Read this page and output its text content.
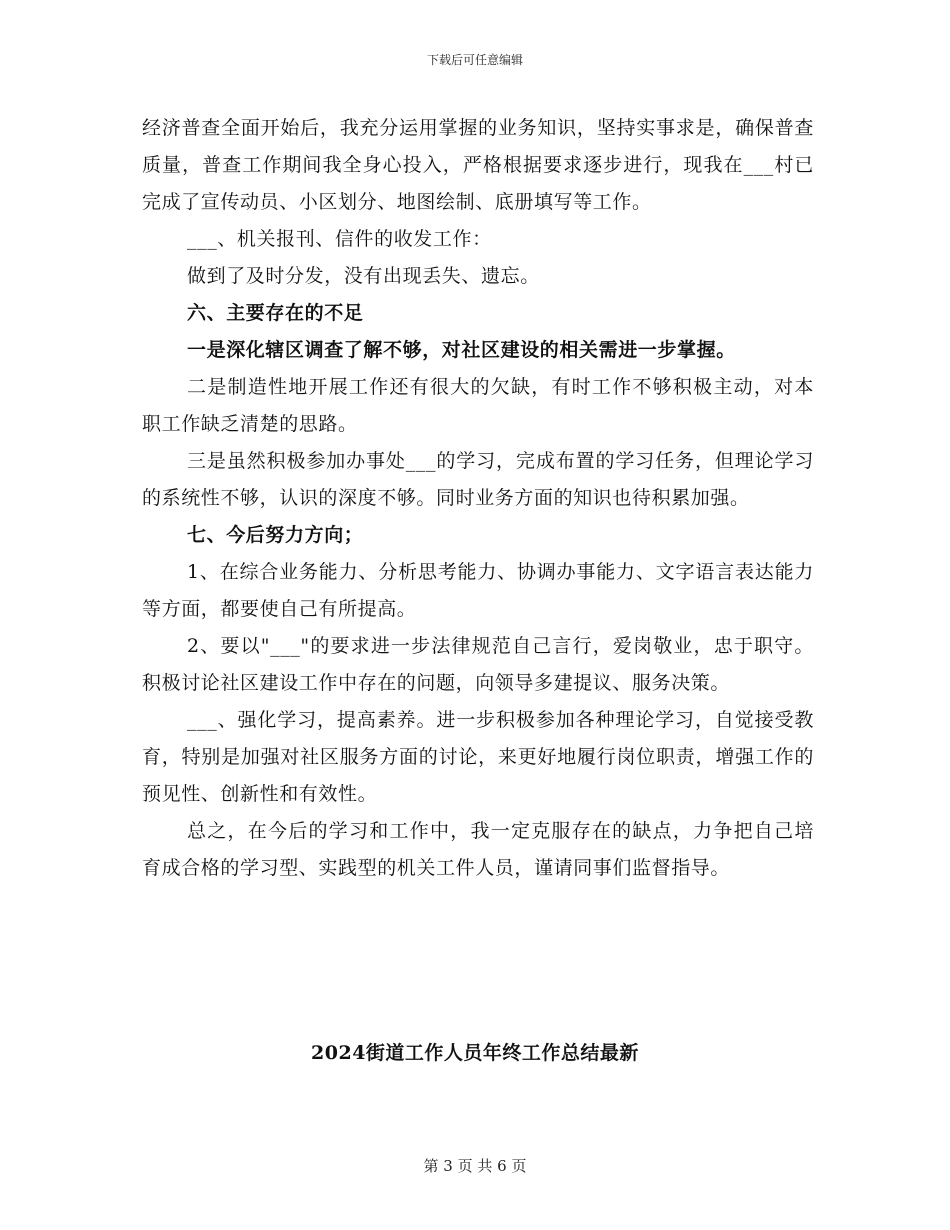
下载后可任意编辑

经济普查全面开始后，我充分运用掌握的业务知识，坚持实事求是，确保普查质量，普查工作期间我全身心投入，严格根据要求逐步进行，现我在___村已完成了宣传动员、小区划分、地图绘制、底册填写等工作。

___、机关报刊、信件的收发工作：

做到了及时分发，没有出现丢失、遗忘。

六、主要存在的不足

一是深化辖区调查了解不够，对社区建设的相关需进一步掌握。

二是制造性地开展工作还有很大的欠缺，有时工作不够积极主动，对本职工作缺乏清楚的思路。

三是虽然积极参加办事处___的学习，完成布置的学习任务，但理论学习的系统性不够，认识的深度不够。同时业务方面的知识也待积累加强。

七、今后努力方向；

1、在综合业务能力、分析思考能力、协调办事能力、文字语言表达能力等方面，都要使自己有所提高。

2、要以"___"的要求进一步法律规范自己言行，爱岗敬业，忠于职守。积极讨论社区建设工作中存在的问题，向领导多建提议、服务决策。

___、强化学习，提高素养。进一步积极参加各种理论学习，自觉接受教育，特别是加强对社区服务方面的讨论，来更好地履行岗位职责，增强工作的预见性、创新性和有效性。

总之，在今后的学习和工作中，我一定克服存在的缺点，力争把自己培育成合格的学习型、实践型的机关工件人员，谨请同事们监督指导。

2024街道工作人员年终工作总结最新
第 3 页 共 6 页
